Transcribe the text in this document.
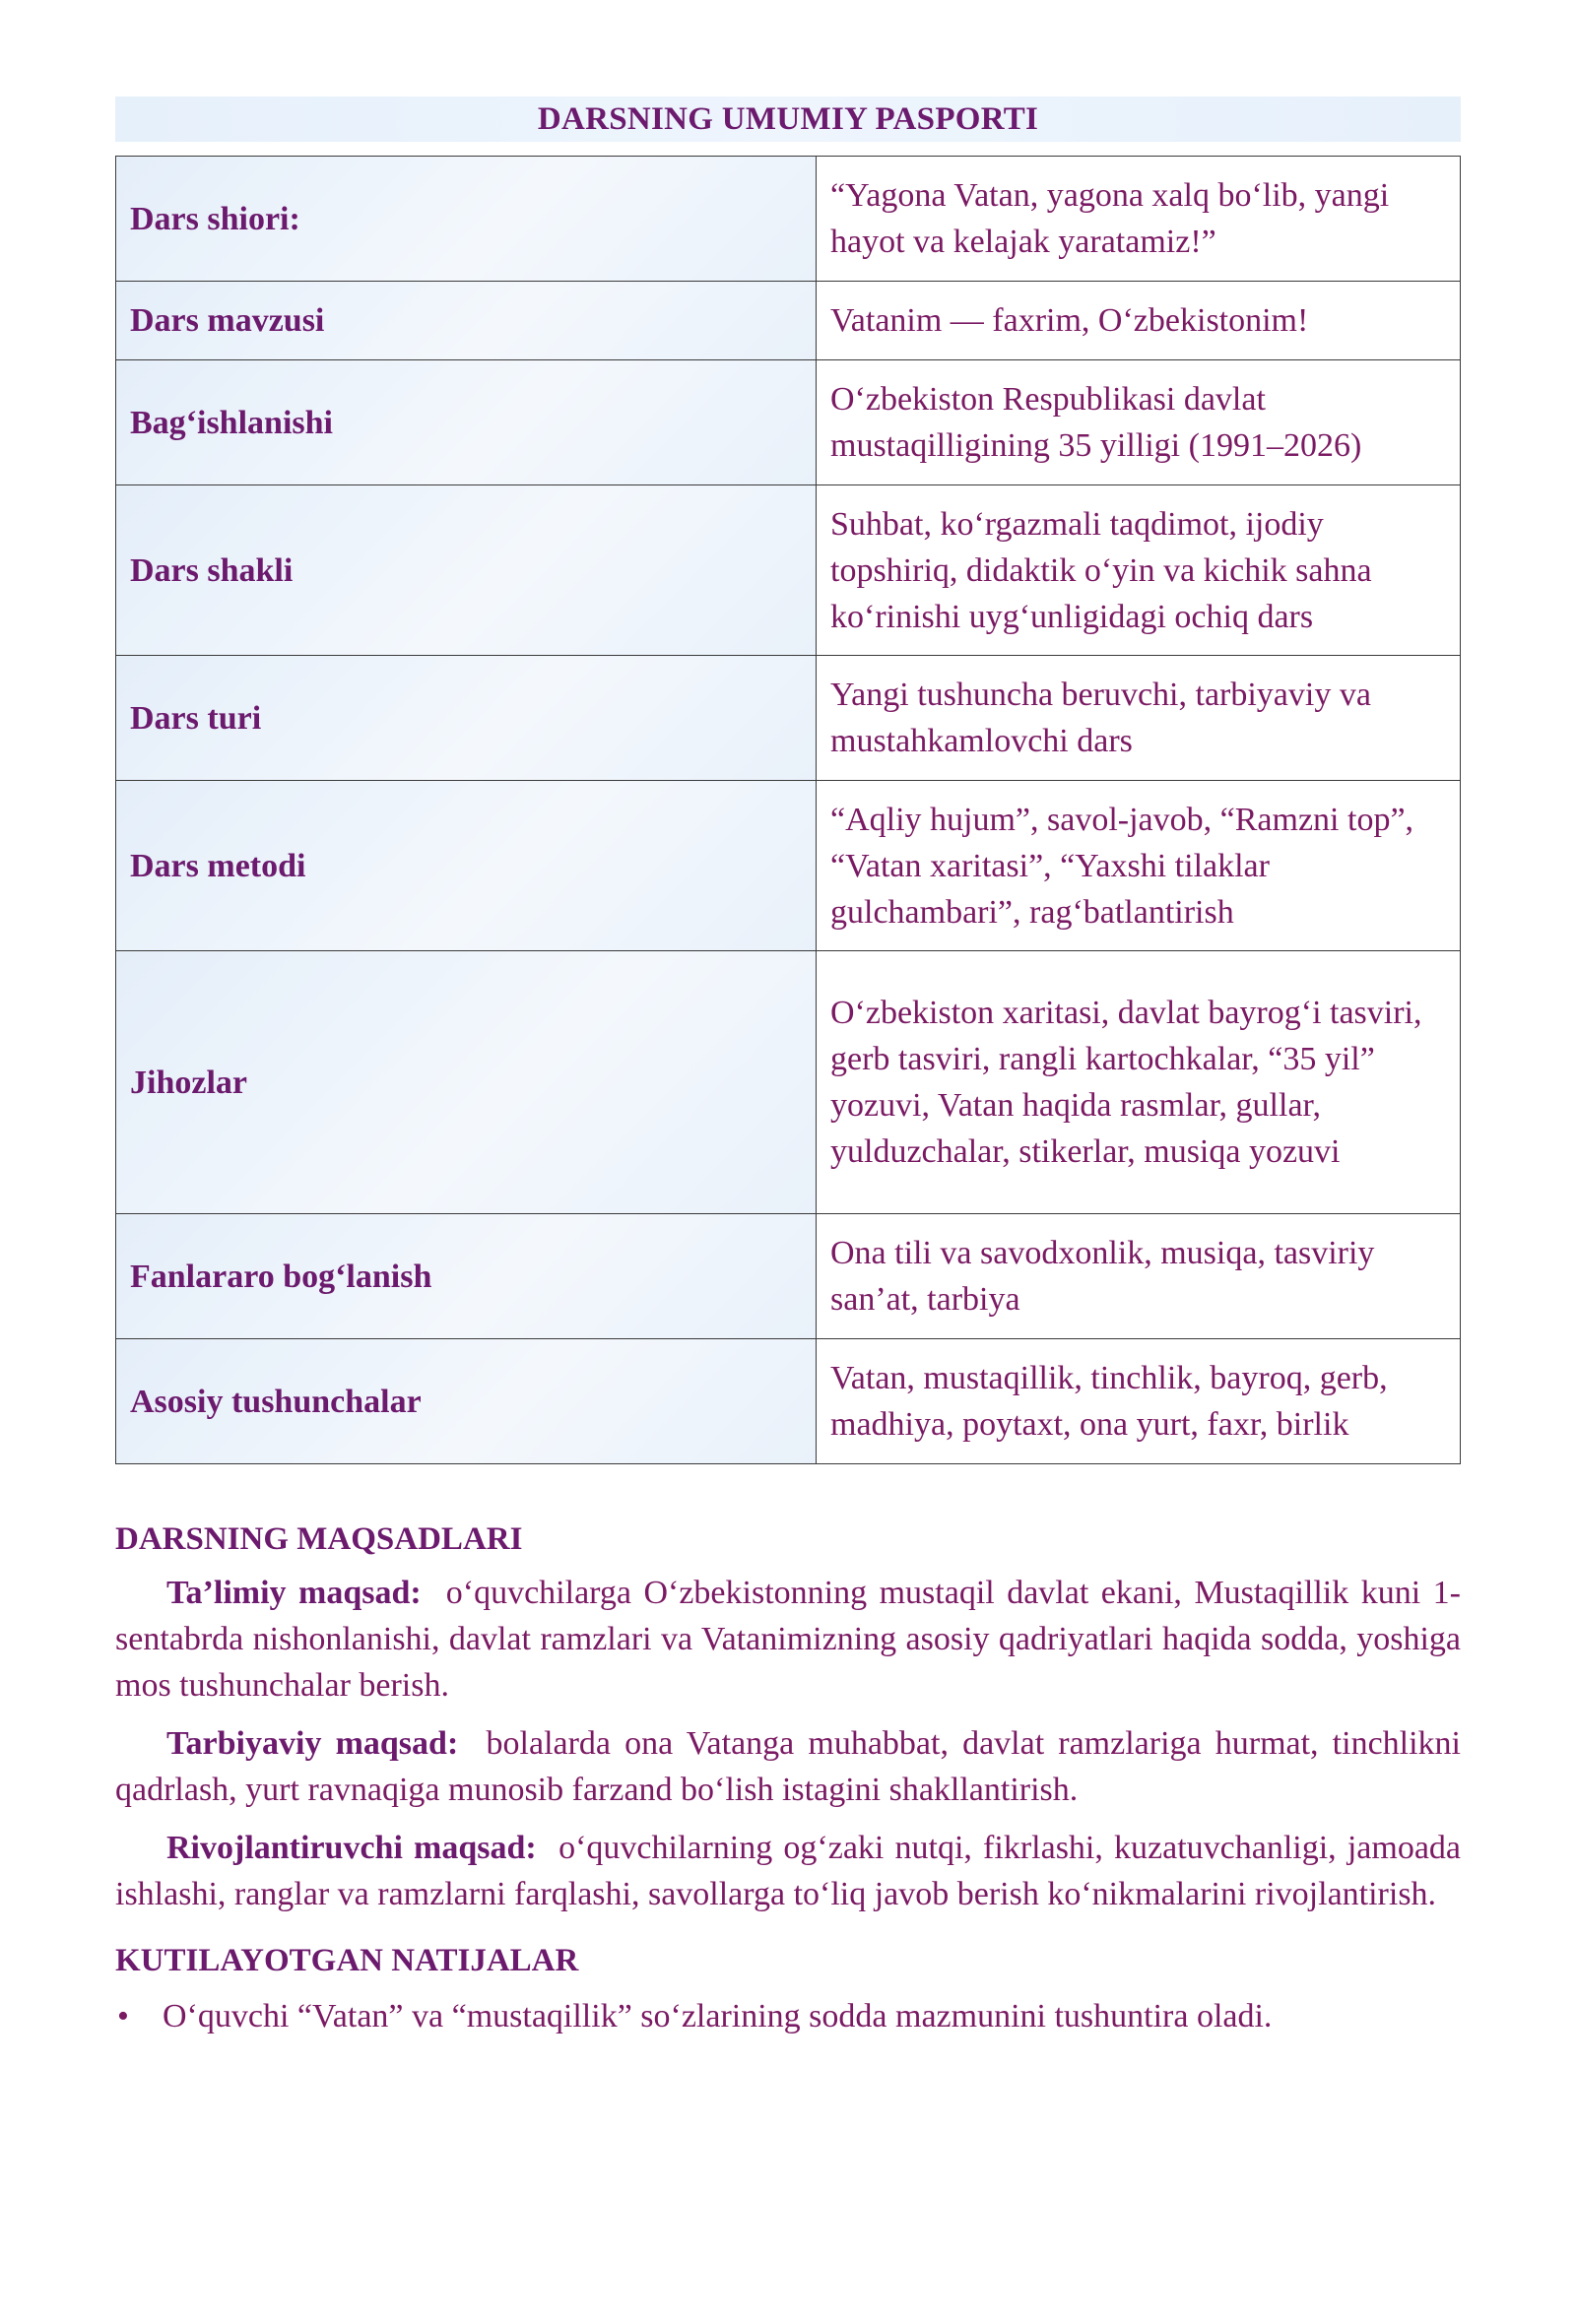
DARSNING UMUMIY PASPORTI
Dars shiori:	“Yagona Vatan, yagona xalq bo‘lib, yangi hayot va kelajak yaratamiz!”
Dars mavzusi	Vatanim — faxrim, O‘zbekistonim!
Bag‘ishlanishi	O‘zbekiston Respublikasi davlat mustaqilligining 35 yilligi (1991–2026)
Dars shakli	Suhbat, ko‘rgazmali taqdimot, ijodiy topshiriq, didaktik o‘yin va kichik sahna ko‘rinishi uyg‘unligidagi ochiq dars
Dars turi	Yangi tushuncha beruvchi, tarbiyaviy va mustahkamlovchi dars
Dars metodi	“Aqliy hujum”, savol-javob, “Ramzni top”, “Vatan xaritasi”, “Yaxshi tilaklar gulchambari”, rag‘batlantirish
Jihozlar	O‘zbekiston xaritasi, davlat bayrog‘i tasviri, gerb tasviri, rangli kartochkalar, “35 yil” yozuvi, Vatan haqida rasmlar, gullar, yulduzchalar, stikerlar, musiqa yozuvi
Fanlararo bog‘lanish	Ona tili va savodxonlik, musiqa, tasviriy san’at, tarbiya
Asosiy tushunchalar	Vatan, mustaqillik, tinchlik, bayroq, gerb, madhiya, poytaxt, ona yurt, faxr, birlik
DARSNING MAQSADLARI

Ta’limiy maqsad: o‘quvchilarga O‘zbekistonning mustaqil davlat ekani, Mustaqillik kuni 1-sentabrda nishonlanishi, davlat ramzlari va Vatanimizning asosiy qadriyatlari haqida sodda, yoshiga mos tushunchalar berish.

Tarbiyaviy maqsad: bolalarda ona Vatanga muhabbat, davlat ramzlariga hurmat, tinchlikni qadrlash, yurt ravnaqiga munosib farzand bo‘lish istagini shakllantirish.

Rivojlantiruvchi maqsad: o‘quvchilarning og‘zaki nutqi, fikrlashi, kuzatuvchanligi, jamoada ishlashi, ranglar va ramzlarni farqlashi, savollarga to‘liq javob berish ko‘nikmalarini rivojlantirish.

KUTILAYOTGAN NATIJALAR
• O‘quvchi “Vatan” va “mustaqillik” so‘zlarining sodda mazmunini tushuntira oladi.
